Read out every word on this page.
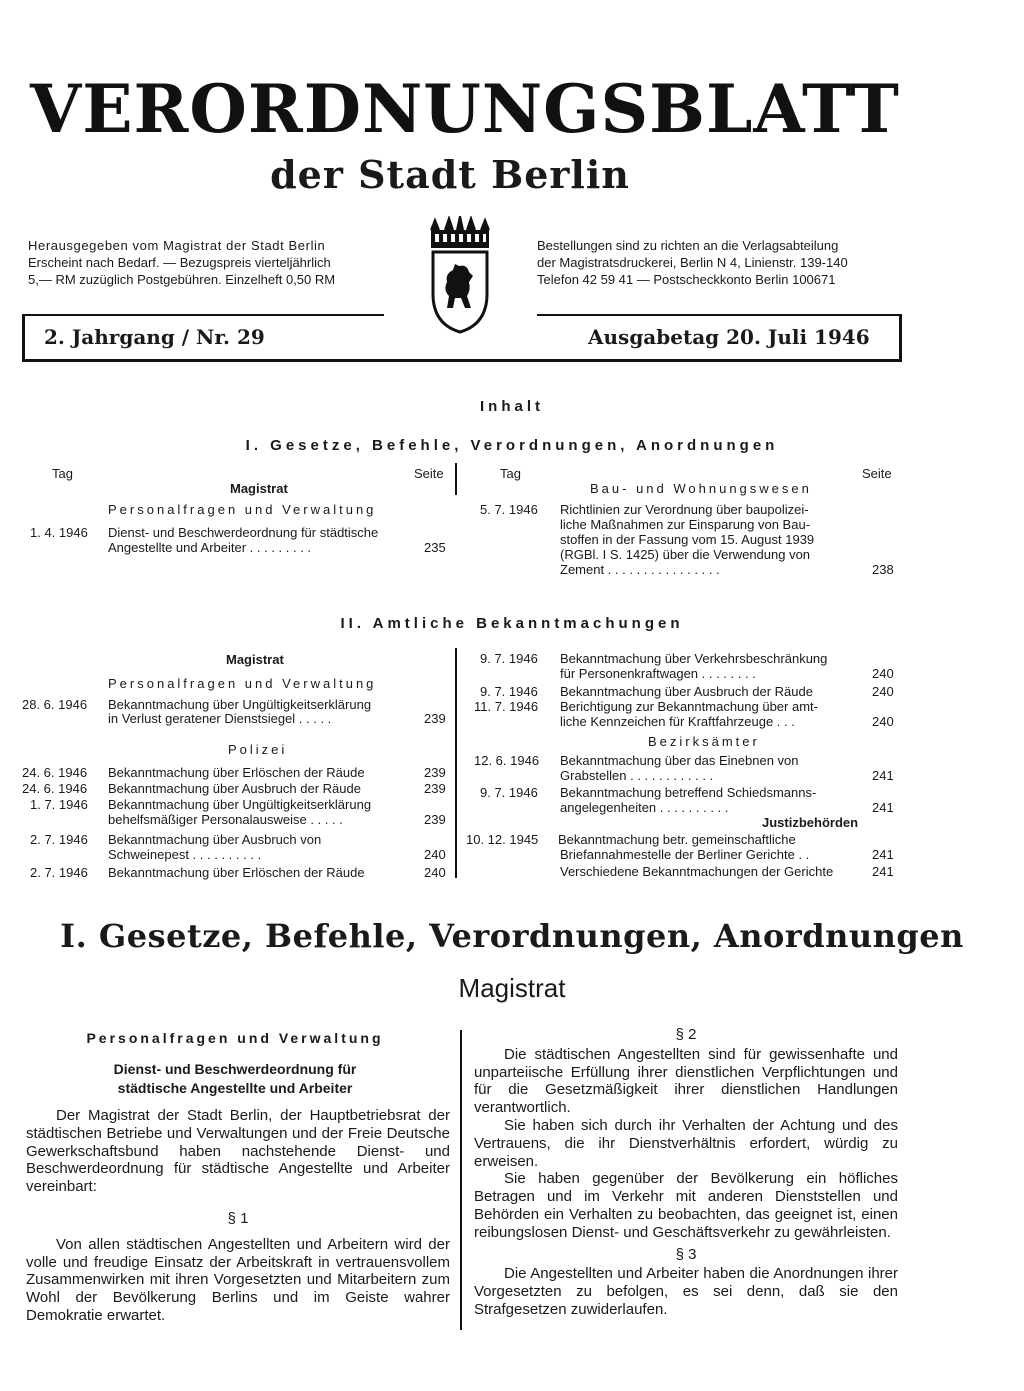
VERORDNUNGSBLATT
der Stadt Berlin
Herausgegeben vom Magistrat der Stadt Berlin
Erscheint nach Bedarf. — Bezugspreis vierteljährlich
5,— RM zuzüglich Postgebühren. Einzelheft 0,50 RM
Bestellungen sind zu richten an die Verlagsabteilung
der Magistratsdruckerei, Berlin N 4, Linienstr. 139-140
Telefon 42 59 41 — Postscheckkonto Berlin 100671
2. Jahrgang / Nr. 29	Ausgabetag 20. Juli 1946
Inhalt
I. Gesetze, Befehle, Verordnungen, Anordnungen
Tag	Seite
Magistrat
Personalfragen und Verwaltung
1. 4. 1946 Dienst- und Beschwerdeordnung für städtische
Angestellte und Arbeiter . . . . . . . . .	235
Tag	Seite
Bau- und Wohnungswesen
5. 7. 1946 Richtlinien zur Verordnung über baupolizei-
liche Maßnahmen zur Einsparung von Bau-
stoffen in der Fassung vom 15. August 1939
(RGBl. I S. 1425) über die Verwendung von
Zement . . . . . . . . . . . . . . . .	238
II. Amtliche Bekanntmachungen
Magistrat
Personalfragen und Verwaltung
28. 6. 1946 Bekanntmachung über Ungültigkeitserklärung
in Verlust geratener Dienstsiegel . . . . .	239
Polizei
24. 6. 1946 Bekanntmachung über Erlöschen der Räude	239
24. 6. 1946 Bekanntmachung über Ausbruch der Räude	239
1. 7. 1946 Bekanntmachung über Ungültigkeitserklärung
behelfsmäßiger Personalausweise . . . . .	239
2. 7. 1946 Bekanntmachung über Ausbruch von
Schweinepest . . . . . . . . . .	240
2. 7. 1946 Bekanntmachung über Erlöschen der Räude	240
9. 7. 1946 Bekanntmachung über Verkehrsbeschränkung
für Personenkraftwagen . . . . . . . .	240
9. 7. 1946 Bekanntmachung über Ausbruch der Räude	240
11. 7. 1946 Berichtigung zur Bekanntmachung über amt-
liche Kennzeichen für Kraftfahrzeuge . . .	240
Bezirksämter
12. 6. 1946 Bekanntmachung über das Einebnen von
Grabstellen . . . . . . . . . . . .	241
9. 7. 1946 Bekanntmachung betreffend Schiedsmanns-
angelegenheiten . . . . . . . . . .	241
Justizbehörden
10. 12. 1945 Bekanntmachung betr. gemeinschaftliche
Briefannahmestelle der Berliner Gerichte . .	241
Verschiedene Bekanntmachungen der Gerichte	241
I. Gesetze, Befehle, Verordnungen, Anordnungen
Magistrat
Personalfragen und Verwaltung
Dienst- und Beschwerdeordnung für
städtische Angestellte und Arbeiter

Der Magistrat der Stadt Berlin, der Hauptbetriebsrat der städtischen Betriebe und Verwaltungen und der Freie Deutsche Gewerkschaftsbund haben nachstehende Dienst- und Beschwerdeordnung für städtische Angestellte und Arbeiter vereinbart:

§ 1

Von allen städtischen Angestellten und Arbeitern wird der volle und freudige Einsatz der Arbeitskraft in vertrauensvollem Zusammenwirken mit ihren Vorgesetzten und Mitarbeitern zum Wohl der Bevölkerung Berlins und im Geiste wahrer Demokratie erwartet.

§ 2

Die städtischen Angestellten sind für gewissenhafte und unparteiische Erfüllung ihrer dienstlichen Verpflichtungen und für die Gesetzmäßigkeit ihrer dienstlichen Handlungen verantwortlich.

Sie haben sich durch ihr Verhalten der Achtung und des Vertrauens, die ihr Dienstverhältnis erfordert, würdig zu erweisen.

Sie haben gegenüber der Bevölkerung ein höfliches Betragen und im Verkehr mit anderen Dienststellen und Behörden ein Verhalten zu beobachten, das geeignet ist, einen reibungslosen Dienst- und Geschäftsverkehr zu gewährleisten.

§ 3

Die Angestellten und Arbeiter haben die Anordnungen ihrer Vorgesetzten zu befolgen, es sei denn, daß sie den Strafgesetzen zuwiderlaufen.
